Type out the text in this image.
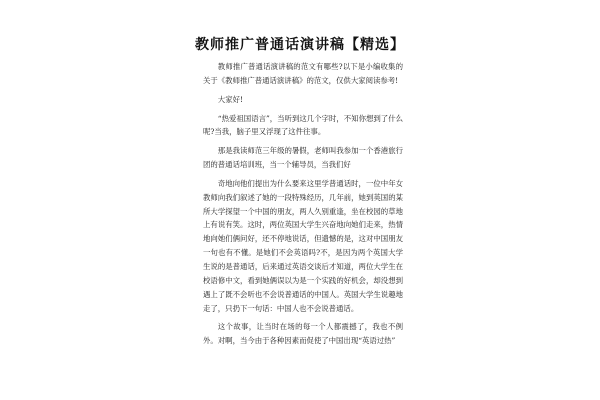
教师推广普通话演讲稿【精选】

教师推广普通话演讲稿的范文有哪些?以下是小编收集的关于《教师推广普通话演讲稿》的范文，仅供大家阅读参考!

大家好!

“热爱祖国语言”，当听到这几个字时，不知你想到了什么呢?当我，脑子里又浮现了这件往事。

那是我读师范三年级的暑假，老师叫我参加一个香港旅行团的普通话培训班，当一个辅导员，当我们好

奇地向他们提出为什么要来这里学普通话时，一位中年女教师向我们叙述了她的一段特殊经历，几年前，她到英国的某所大学探望一个中国的朋友，两人久别重逢，坐在校园的草地上有说有笑。这时，两位英国大学生兴奋地向她们走来，热情地向她们俩问好，还不停地说话，但遗憾的是，这对中国朋友一句也有不懂。是她们不会英语吗?不，是因为两个英国大学生说的是普通话，后来通过英语交谈后才知道，两位大学生在校语修中文，看到她俩误以为是一个实践的好机会，却没想到遇上了既不会听也不会说普通话的中国人。英国大学生说趣地走了，只扔下一句话：中国人也不会说普通话。

这个故事，让当时在场的每一个人都震撼了，我也不例外。对啊，当今由于各种因素而促使了中国出现“英语过热”
